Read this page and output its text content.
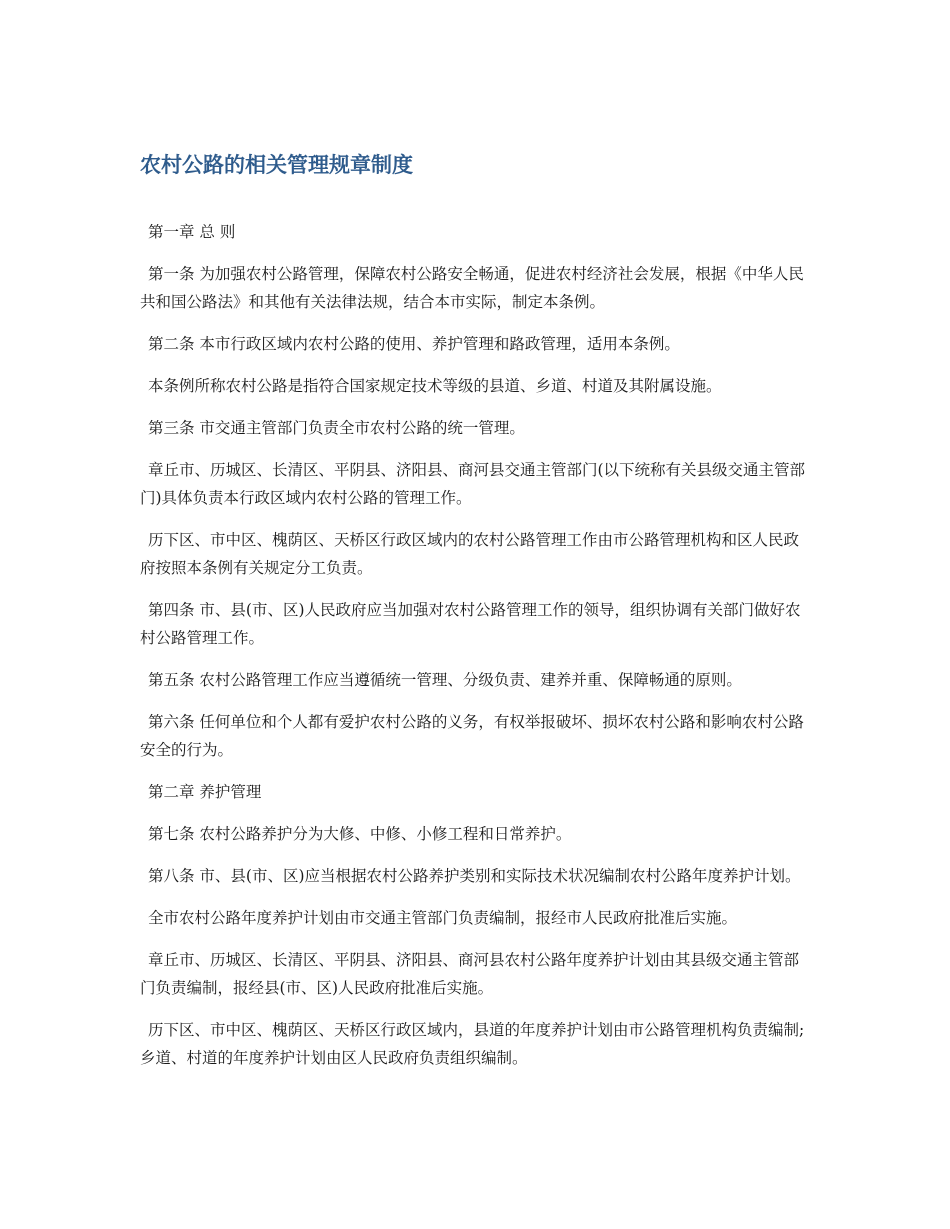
农村公路的相关管理规章制度

第一章 总 则

第一条 为加强农村公路管理，保障农村公路安全畅通，促进农村经济社会发展，根据《中华人民共和国公路法》和其他有关法律法规，结合本市实际，制定本条例。

第二条 本市行政区域内农村公路的使用、养护管理和路政管理，适用本条例。

本条例所称农村公路是指符合国家规定技术等级的县道、乡道、村道及其附属设施。

第三条 市交通主管部门负责全市农村公路的统一管理。

章丘市、历城区、长清区、平阴县、济阳县、商河县交通主管部门(以下统称有关县级交通主管部门)具体负责本行政区域内农村公路的管理工作。

历下区、市中区、槐荫区、天桥区行政区域内的农村公路管理工作由市公路管理机构和区人民政府按照本条例有关规定分工负责。

第四条 市、县(市、区)人民政府应当加强对农村公路管理工作的领导，组织协调有关部门做好农村公路管理工作。

第五条 农村公路管理工作应当遵循统一管理、分级负责、建养并重、保障畅通的原则。

第六条 任何单位和个人都有爱护农村公路的义务，有权举报破坏、损坏农村公路和影响农村公路安全的行为。

第二章 养护管理

第七条 农村公路养护分为大修、中修、小修工程和日常养护。

第八条 市、县(市、区)应当根据农村公路养护类别和实际技术状况编制农村公路年度养护计划。

全市农村公路年度养护计划由市交通主管部门负责编制，报经市人民政府批准后实施。

章丘市、历城区、长清区、平阴县、济阳县、商河县农村公路年度养护计划由其县级交通主管部门负责编制，报经县(市、区)人民政府批准后实施。

历下区、市中区、槐荫区、天桥区行政区域内，县道的年度养护计划由市公路管理机构负责编制;乡道、村道的年度养护计划由区人民政府负责组织编制。
